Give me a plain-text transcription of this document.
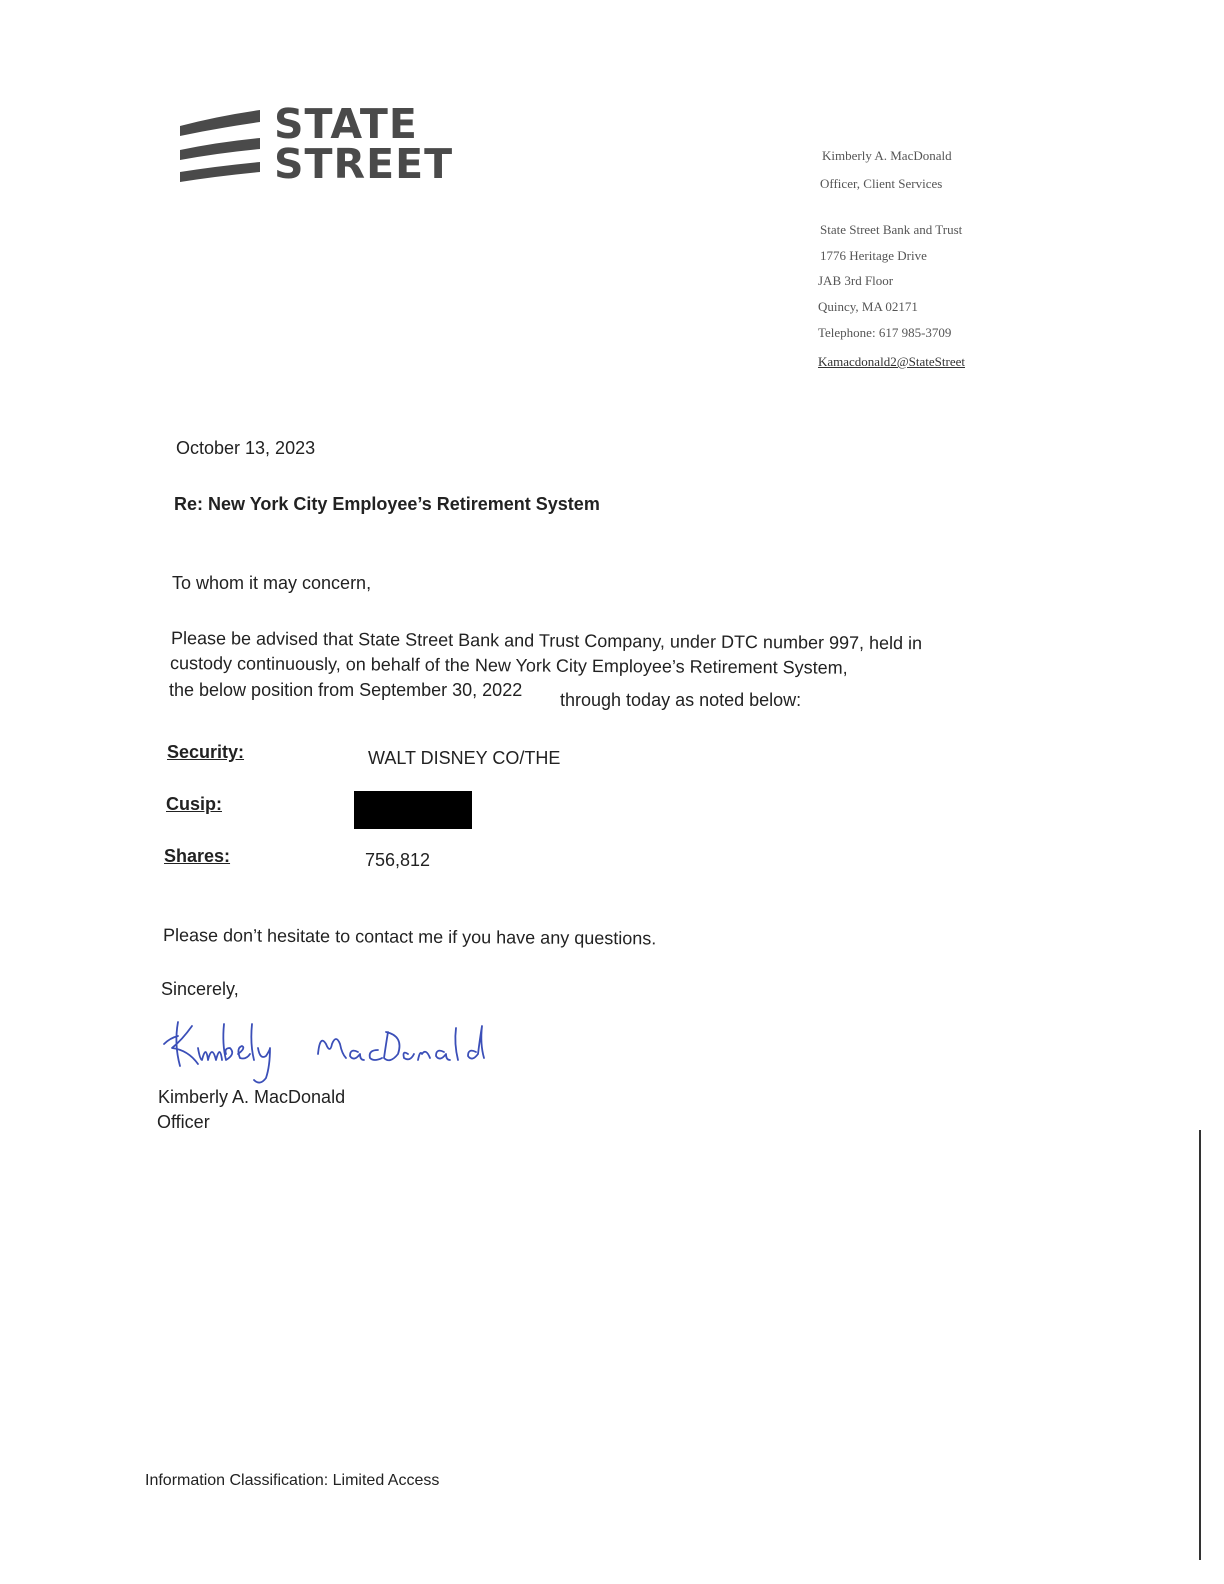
STATE
STREET	Kimberly A. MacDonald
Officer, Client Services
State Street Bank and Trust
1776 Heritage Drive
JAB 3rd Floor
Quincy, MA 02171
Telephone: 617 985-3709
Kamacdonald2@StateStreet
October 13, 2023
Re: New York City Employee’s Retirement System
To whom it may concern,
Please be advised that State Street Bank and Trust Company, under DTC number 997, held in
custody continuously, on behalf of the New York City Employee’s Retirement System,
the below position from September 30, 2022 through today as noted below:
Security:	WALT DISNEY CO/THE
Cusip:
Shares:	756,812
Please don’t hesitate to contact me if you have any questions.
Sincerely,
Kimberly A. MacDonald
Officer
Information Classification: Limited Access
